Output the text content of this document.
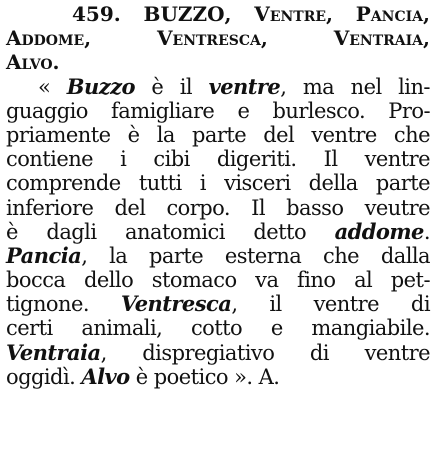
459. BUZZO, Ventre, Pancia,
Addome, Ventresca, Ventraia,
Alvo.
« Buzzo è il ventre, ma nel lin-
guaggio famigliare e burlesco. Pro-
priamente è la parte del ventre che
contiene i cibi digeriti. Il ventre
comprende tutti i visceri della parte
inferiore del corpo. Il basso veutre
è dagli anatomici detto addome.
Pancia, la parte esterna che dalla
bocca dello stomaco va fino al pet-
tignone. Ventresca, il ventre di
certi animali, cotto e mangiabile.
Ventraia, dispregiativo di ventre
oggidì. Alvo è poetico ». A.
